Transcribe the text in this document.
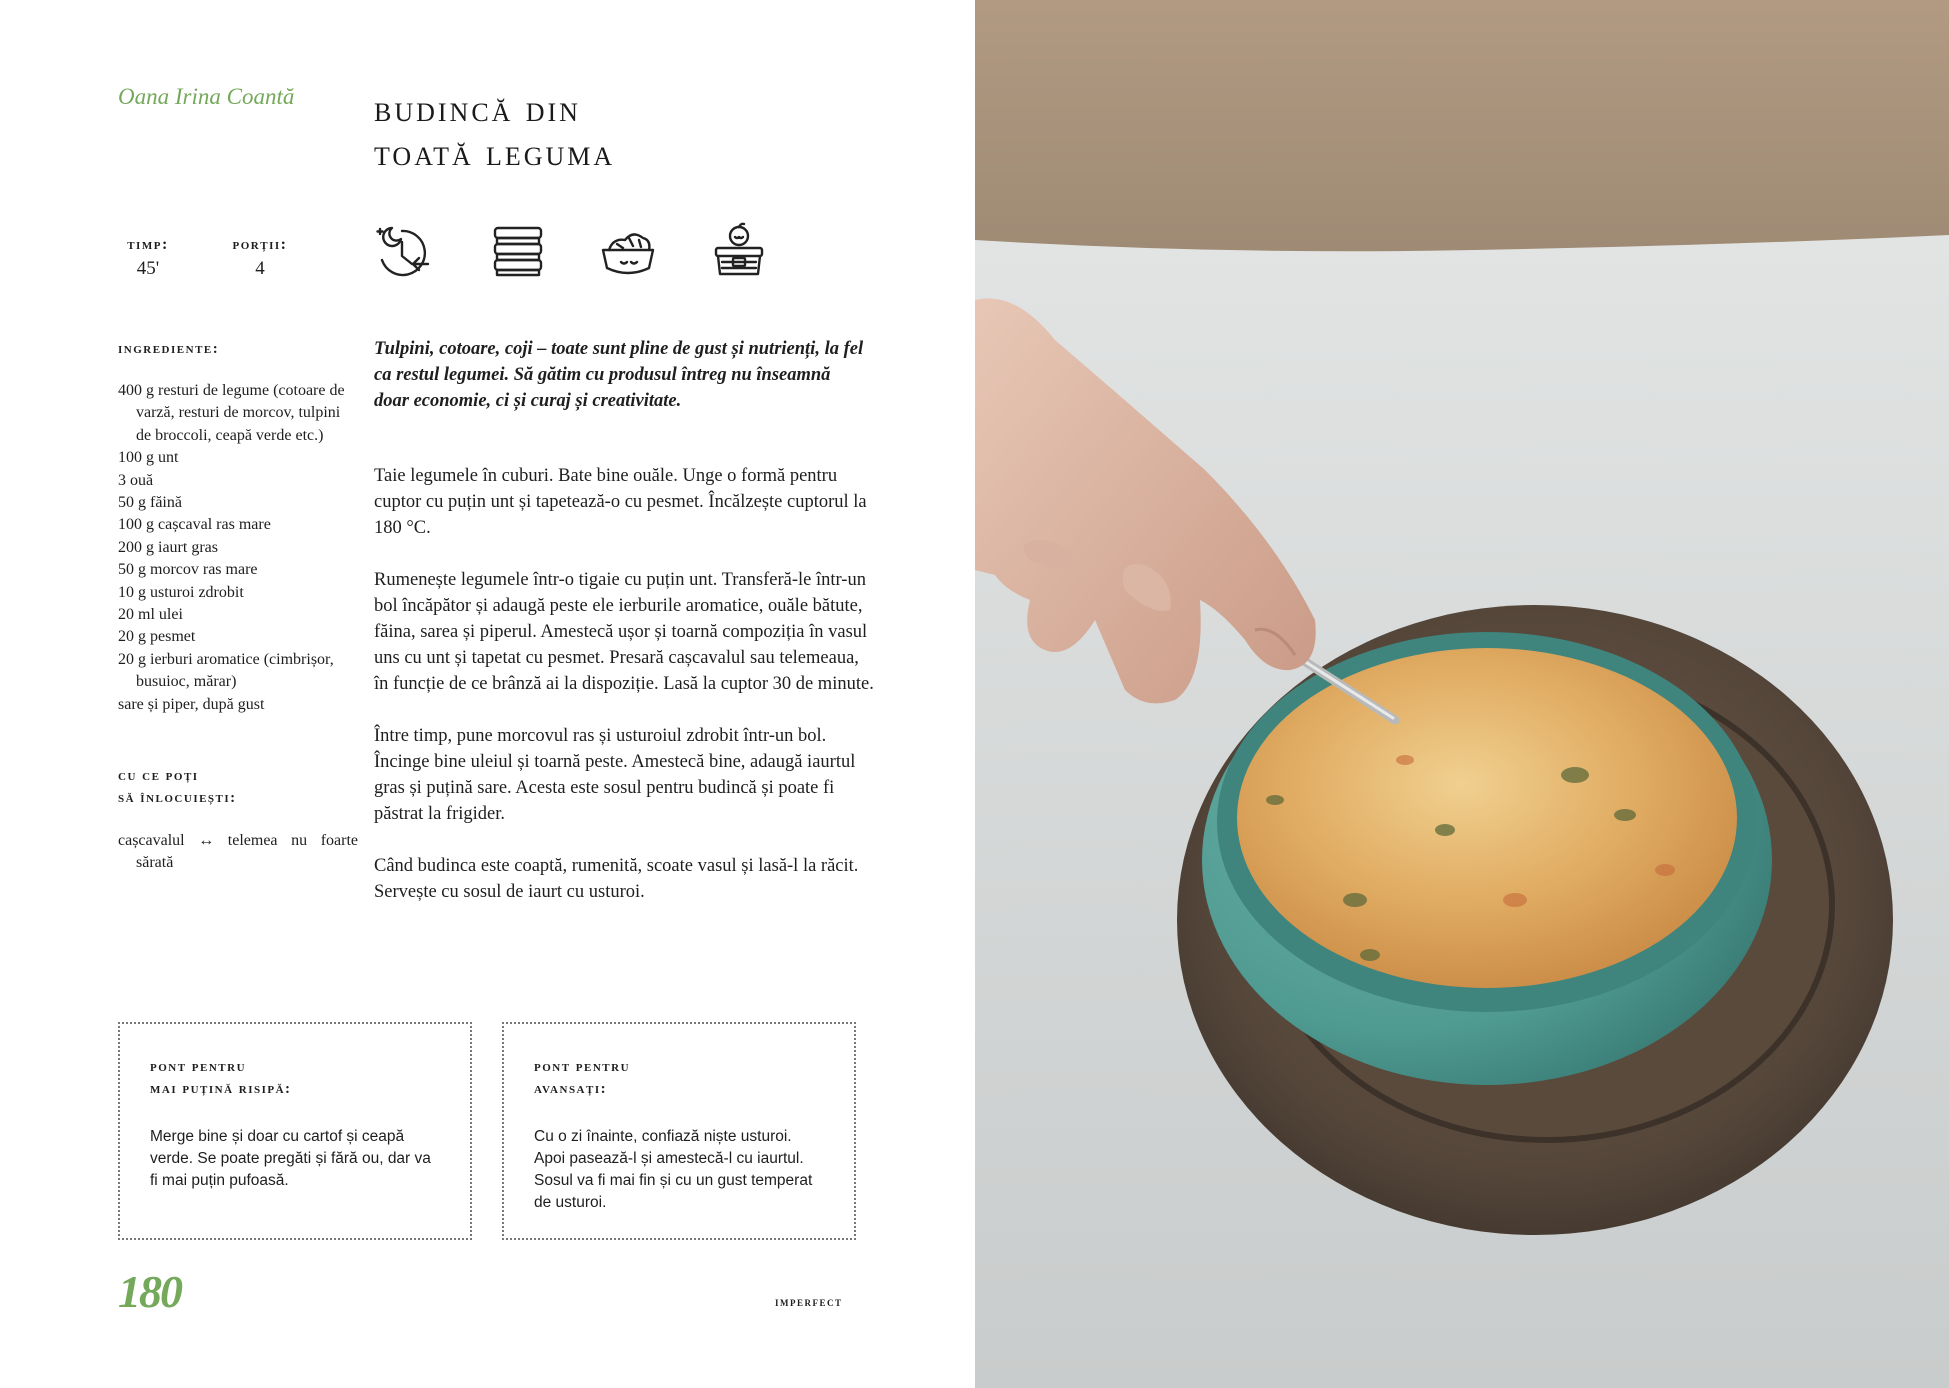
Oana Irina Coantă budincă din
toată leguma
timp:
45'
porții:
4
ingrediente:
400 g resturi de legume (cotoare de varză, resturi de morcov, tulpini de broccoli, ceapă verde etc.)
100 g unt
3 ouă
50 g făină
100 g cașcaval ras mare
200 g iaurt gras
50 g morcov ras mare
10 g usturoi zdrobit
20 ml ulei
20 g pesmet
20 g ierburi aromatice (cimbrișor, busuioc, mărar)
sare și piper, după gust
cu ce poți
să înlocuiești:
cașcavalul ↔ telemea nu foarte sărată

Tulpini, cotoare, coji – toate sunt pline de gust și nutrienți, la fel ca restul legumei. Să gătim cu produsul întreg nu înseamnă doar economie, ci și curaj și creativitate.

Taie legumele în cuburi. Bate bine ouăle. Unge o formă pentru cuptor cu puțin unt și tapetează-o cu pesmet. Încălzește cuptorul la 180 °C.

Rumenește legumele într-o tigaie cu puțin unt. Transferă-le într-un bol încăpător și adaugă peste ele ierburile aromatice, ouăle bătute, făina, sarea și piperul. Amestecă ușor și toarnă compoziția în vasul uns cu unt și tapetat cu pesmet. Presară cașcavalul sau telemeaua, în funcție de ce brânză ai la dispoziție. Lasă la cuptor 30 de minute.

Între timp, pune morcovul ras și usturoiul zdrobit într-un bol. Încinge bine uleiul și toarnă peste. Amestecă bine, adaugă iaurtul gras și puțină sare. Acesta este sosul pentru budincă și poate fi păstrat la frigider.

Când budinca este coaptă, rumenită, scoate vasul și lasă-l la răcit. Servește cu sosul de iaurt cu usturoi.

pont pentru
mai puțină risipă:
Merge bine și doar cu cartof și ceapă verde. Se poate pregăti și fără ou, dar va fi mai puțin pufoasă.
pont pentru
avansați:
Cu o zi înainte, confiază niște usturoi. Apoi pasează-l și amestecă-l cu iaurtul. Sosul va fi mai fin și cu un gust temperat de usturoi.
180	imperfect
